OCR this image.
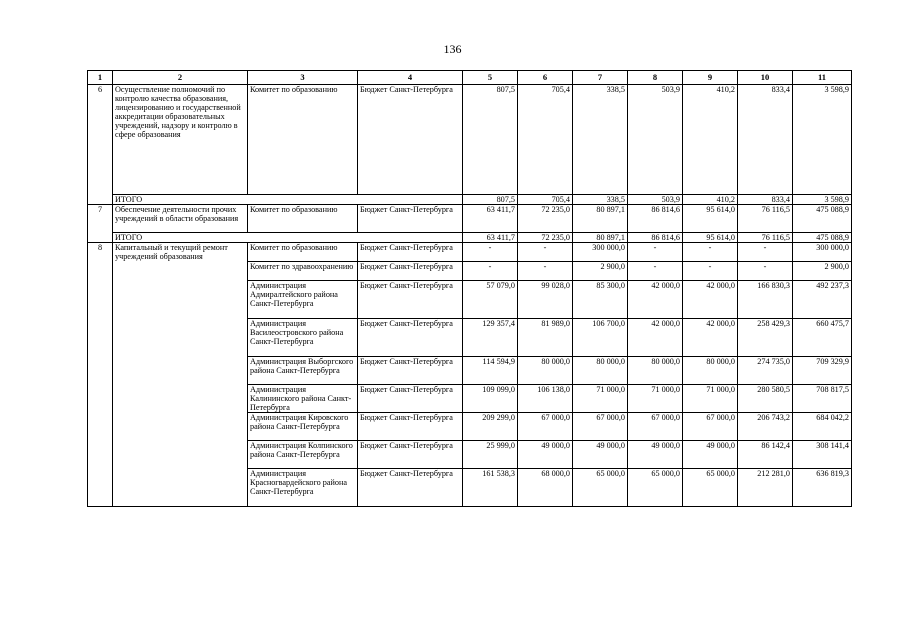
136
1	2	3	4	5	6	7	8	9	10	11
6	Осуществление полномочий по контролю качества образования, лицензированию и государственной аккредитации образовательных учреждений, надзору и контролю в сфере образования	Комитет по образованию	Бюджет Санкт-Петербурга	807,5	705,4	338,5	503,9	410,2	833,4	3 598,9
	ИТОГО			807,5	705,4	338,5	503,9	410,2	833,4	3 598,9
7	Обеспечение деятельности прочих учреждений в области образования	Комитет по образованию	Бюджет Санкт-Петербурга	63 411,7	72 235,0	80 897,1	86 814,6	95 614,0	76 116,5	475 088,9
	ИТОГО			63 411,7	72 235,0	80 897,1	86 814,6	95 614,0	76 116,5	475 088,9
8	Капитальный и текущий ремонт учреждений образования	Комитет по образованию	Бюджет Санкт-Петербурга	-	-	300 000,0	-	-	-	300 000,0
		Комитет по здравоохранению	Бюджет Санкт-Петербурга	-	-	2 900,0	-	-	-	2 900,0
		Администрация Адмиралтейского района Санкт-Петербурга	Бюджет Санкт-Петербурга	57 079,0	99 028,0	85 300,0	42 000,0	42 000,0	166 830,3	492 237,3
		Администрация Василеостровского района Санкт-Петербурга	Бюджет Санкт-Петербурга	129 357,4	81 989,0	106 700,0	42 000,0	42 000,0	258 429,3	660 475,7
		Администрация Выборгского района Санкт-Петербурга	Бюджет Санкт-Петербурга	114 594,9	80 000,0	80 000,0	80 000,0	80 000,0	274 735,0	709 329,9
		Администрация Калининского района Санкт-Петербурга	Бюджет Санкт-Петербурга	109 099,0	106 138,0	71 000,0	71 000,0	71 000,0	280 580,5	708 817,5
		Администрация Кировского района Санкт-Петербурга	Бюджет Санкт-Петербурга	209 299,0	67 000,0	67 000,0	67 000,0	67 000,0	206 743,2	684 042,2
		Администрация Колпинского района Санкт-Петербурга	Бюджет Санкт-Петербурга	25 999,0	49 000,0	49 000,0	49 000,0	49 000,0	86 142,4	308 141,4
		Администрация Красногвардейского района Санкт-Петербурга	Бюджет Санкт-Петербурга	161 538,3	68 000,0	65 000,0	65 000,0	65 000,0	212 281,0	636 819,3
